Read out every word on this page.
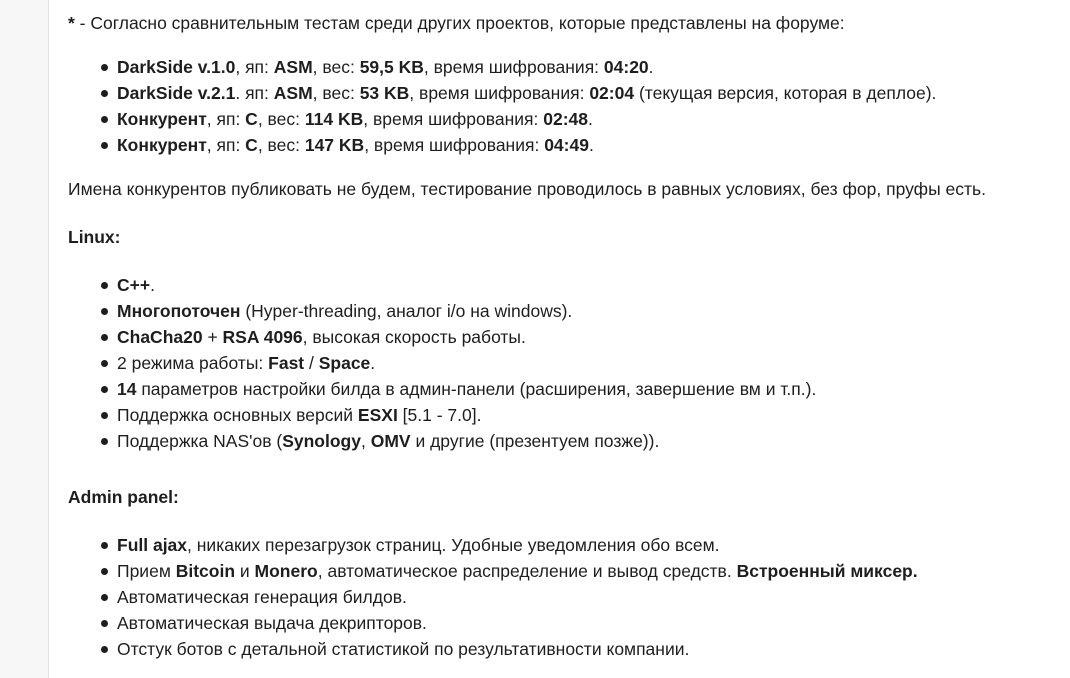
* - Согласно сравнительным тестам среди других проектов, которые представлены на форуме:

DarkSide v.1.0, яп: ASM, вес: 59,5 KB, время шифрования: 04:20.
DarkSide v.2.1. яп: ASM, вес: 53 KB, время шифрования: 02:04 (текущая версия, которая в деплое).
Конкурент, яп: C, вес: 114 KB, время шифрования: 02:48.
Конкурент, яп: C, вес: 147 KB, время шифрования: 04:49.

Имена конкурентов публиковать не будем, тестирование проводилось в равных условиях, без фор, пруфы есть.

Linux:
C++.
Многопоточен (Hyper-threading, аналог i/o на windows).
ChaCha20 + RSA 4096, высокая скорость работы.
2 режима работы: Fast / Space.
14 параметров настройки билда в админ-панели (расширения, завершение вм и т.п.).
Поддержка основных версий ESXI [5.1 - 7.0].
Поддержка NAS'ов (Synology, OMV и другие (презентуем позже)).
Admin panel:
Full ajax, никаких перезагрузок страниц. Удобные уведомления обо всем.
Прием Bitcoin и Monero, автоматическое распределение и вывод средств. Встроенный миксер.
Автоматическая генерация билдов.
Автоматическая выдача декрипторов.
Отстук ботов с детальной статистикой по результативности компании.
